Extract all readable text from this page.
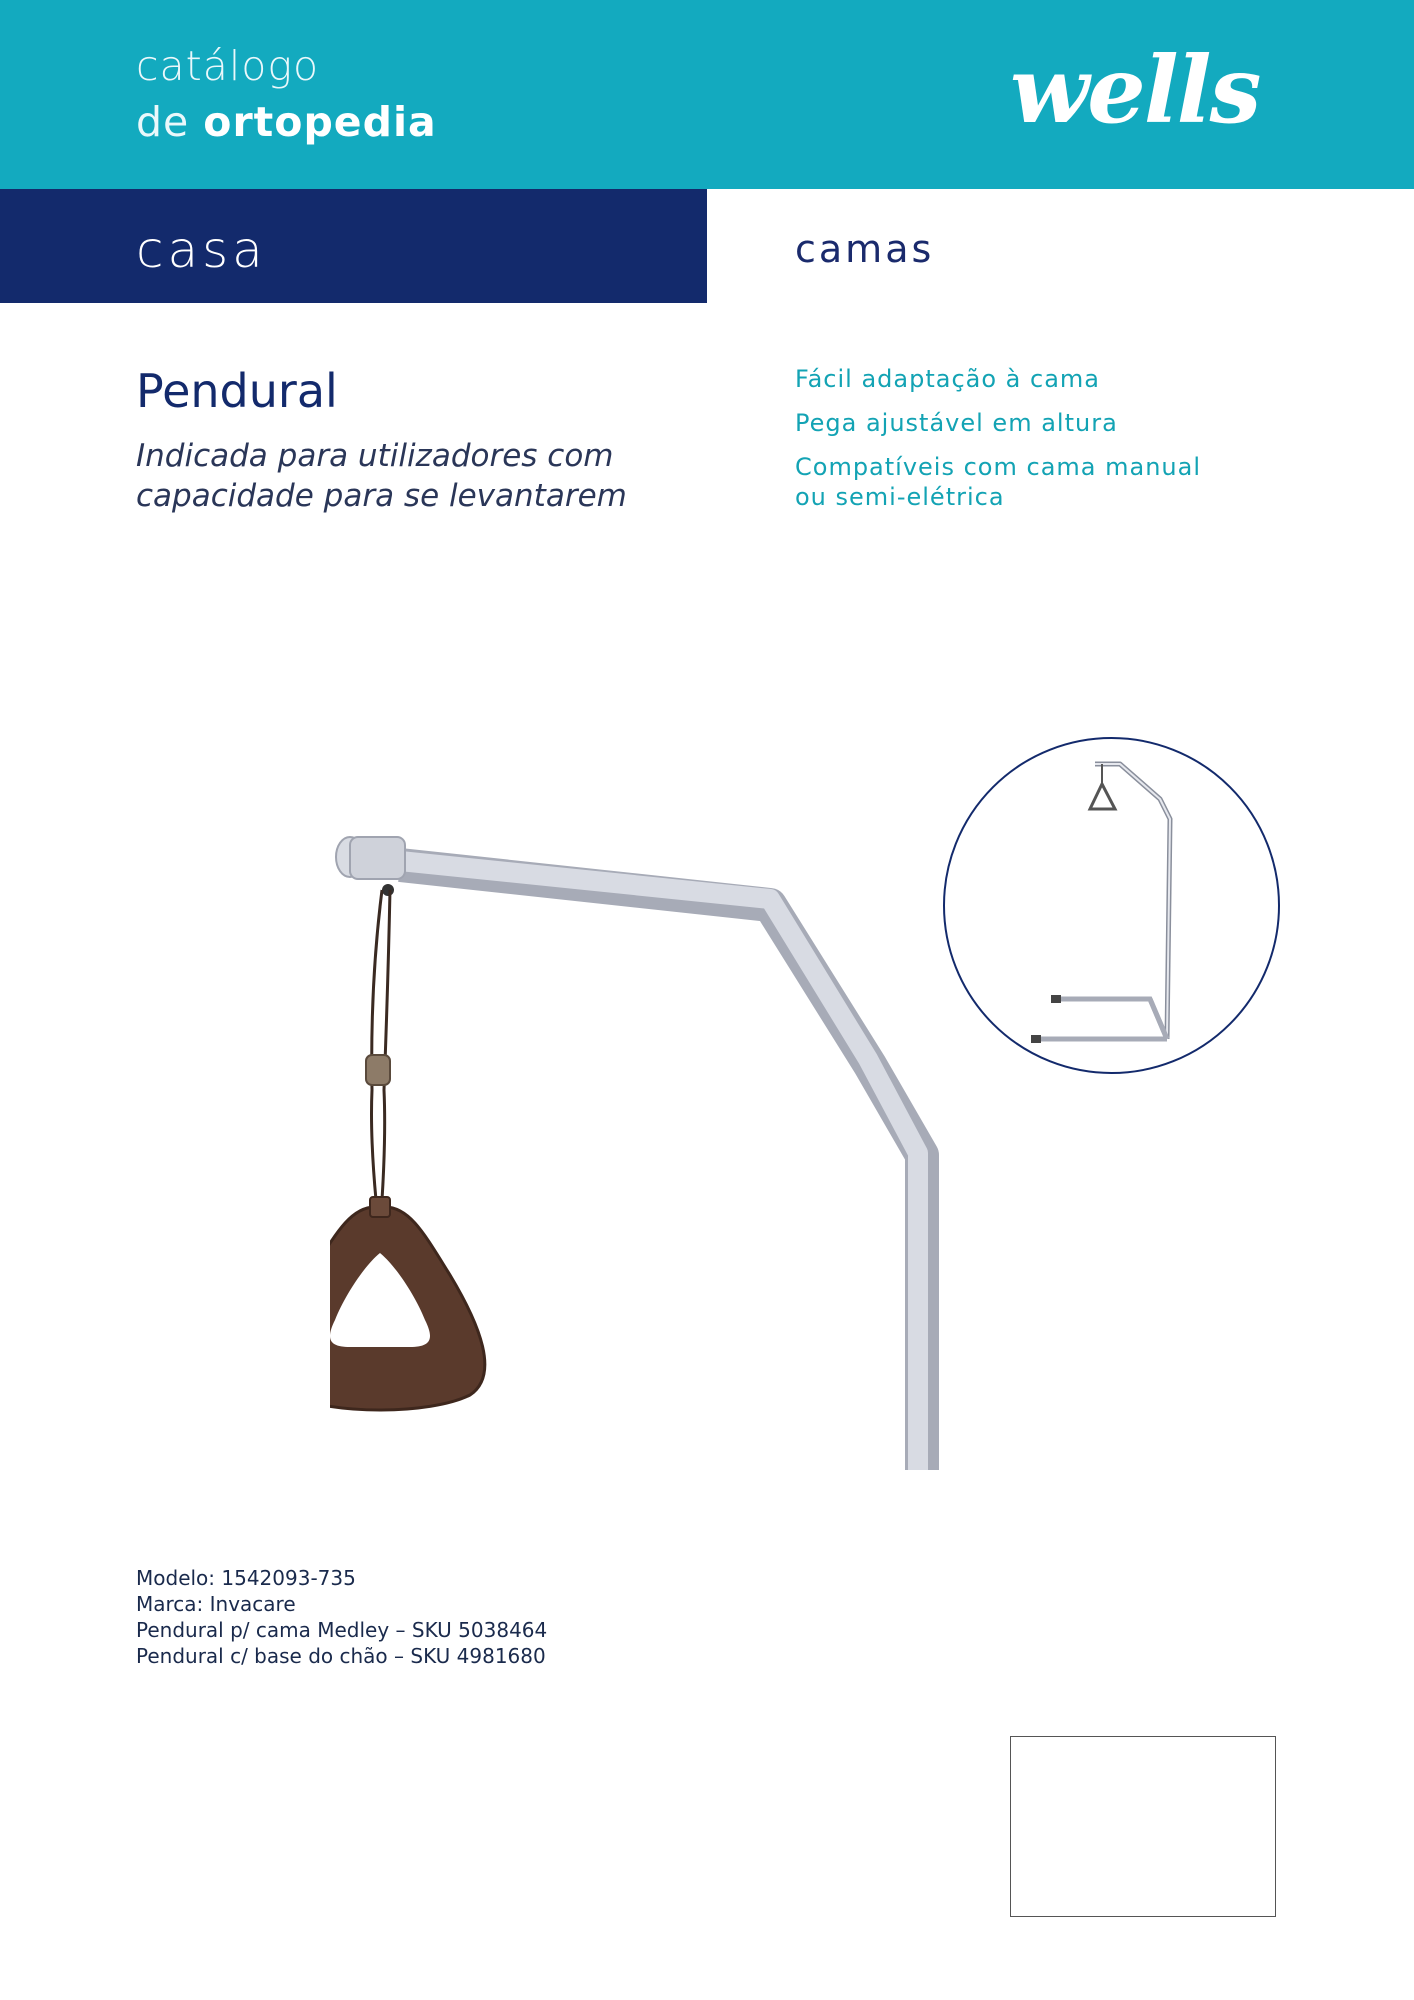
catálogo
de ortopedia	wells
casa	camas
Pendural
Indicada para utilizadores com capacidade para se levantarem
Fácil adaptação à cama
Pega ajustável em altura
Compatíveis com cama manual ou semi-elétrica
Modelo: 1542093-735
Marca: Invacare
Pendural p/ cama Medley – SKU 5038464
Pendural c/ base do chão – SKU 4981680
